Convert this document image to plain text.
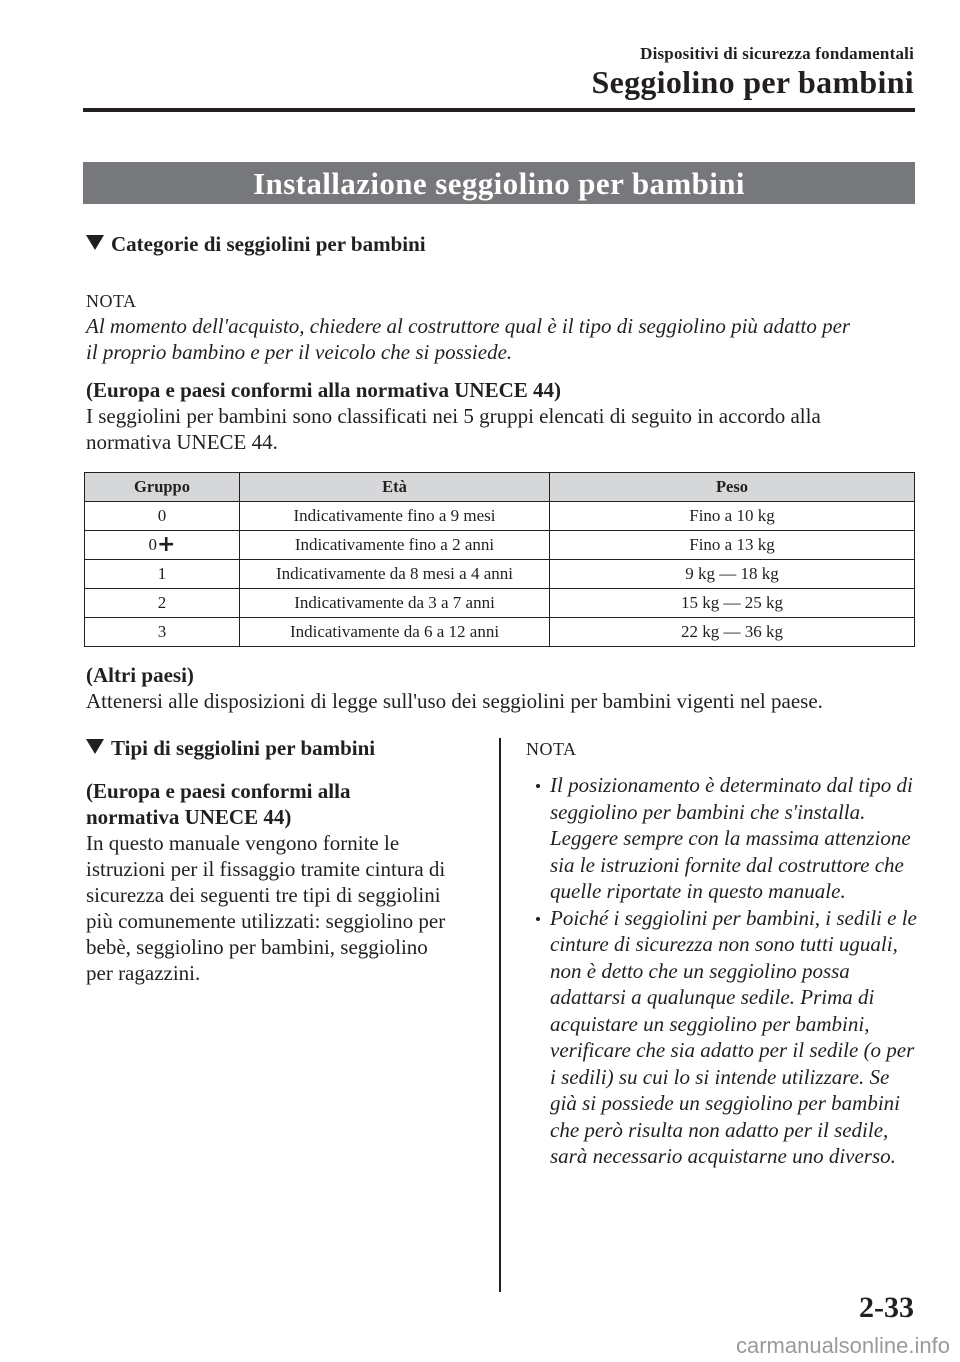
Dispositivi di sicurezza fondamentali
Seggiolino per bambini
Installazione seggiolino per bambini
Categorie di seggiolini per bambini
NOTA
Al momento dell'acquisto, chiedere al costruttore qual è il tipo di seggiolino più adatto per
il proprio bambino e per il veicolo che si possiede.
(Europa e paesi conformi alla normativa UNECE 44)
I seggiolini per bambini sono classificati nei 5 gruppi elencati di seguito in accordo alla
normativa UNECE 44.
Gruppo	Età	Peso
0	Indicativamente fino a 9 mesi	Fino a 10 kg
0+	Indicativamente fino a 2 anni	Fino a 13 kg
1	Indicativamente da 8 mesi a 4 anni	9 kg ― 18 kg
2	Indicativamente da 3 a 7 anni	15 kg ― 25 kg
3	Indicativamente da 6 a 12 anni	22 kg ― 36 kg
(Altri paesi)
Attenersi alle disposizioni di legge sull'uso dei seggiolini per bambini vigenti nel paese.
Tipi di seggiolini per bambini
(Europa e paesi conformi alla
normativa UNECE 44)
In questo manuale vengono fornite le
istruzioni per il fissaggio tramite cintura di
sicurezza dei seguenti tre tipi di seggiolini
più comunemente utilizzati: seggiolino per
bebè, seggiolino per bambini, seggiolino
per ragazzini.
NOTA
Il posizionamento è determinato dal tipo di seggiolino per bambini che s'installa. Leggere sempre con la massima attenzione sia le istruzioni fornite dal costruttore che quelle riportate in questo manuale.
Poiché i seggiolini per bambini, i sedili e le cinture di sicurezza non sono tutti uguali, non è detto che un seggiolino possa adattarsi a qualunque sedile. Prima di acquistare un seggiolino per bambini, verificare che sia adatto per il sedile (o per i sedili) su cui lo si intende utilizzare. Se già si possiede un seggiolino per bambini che però risulta non adatto per il sedile, sarà necessario acquistarne uno diverso.
2-33
carmanualsonline.info
